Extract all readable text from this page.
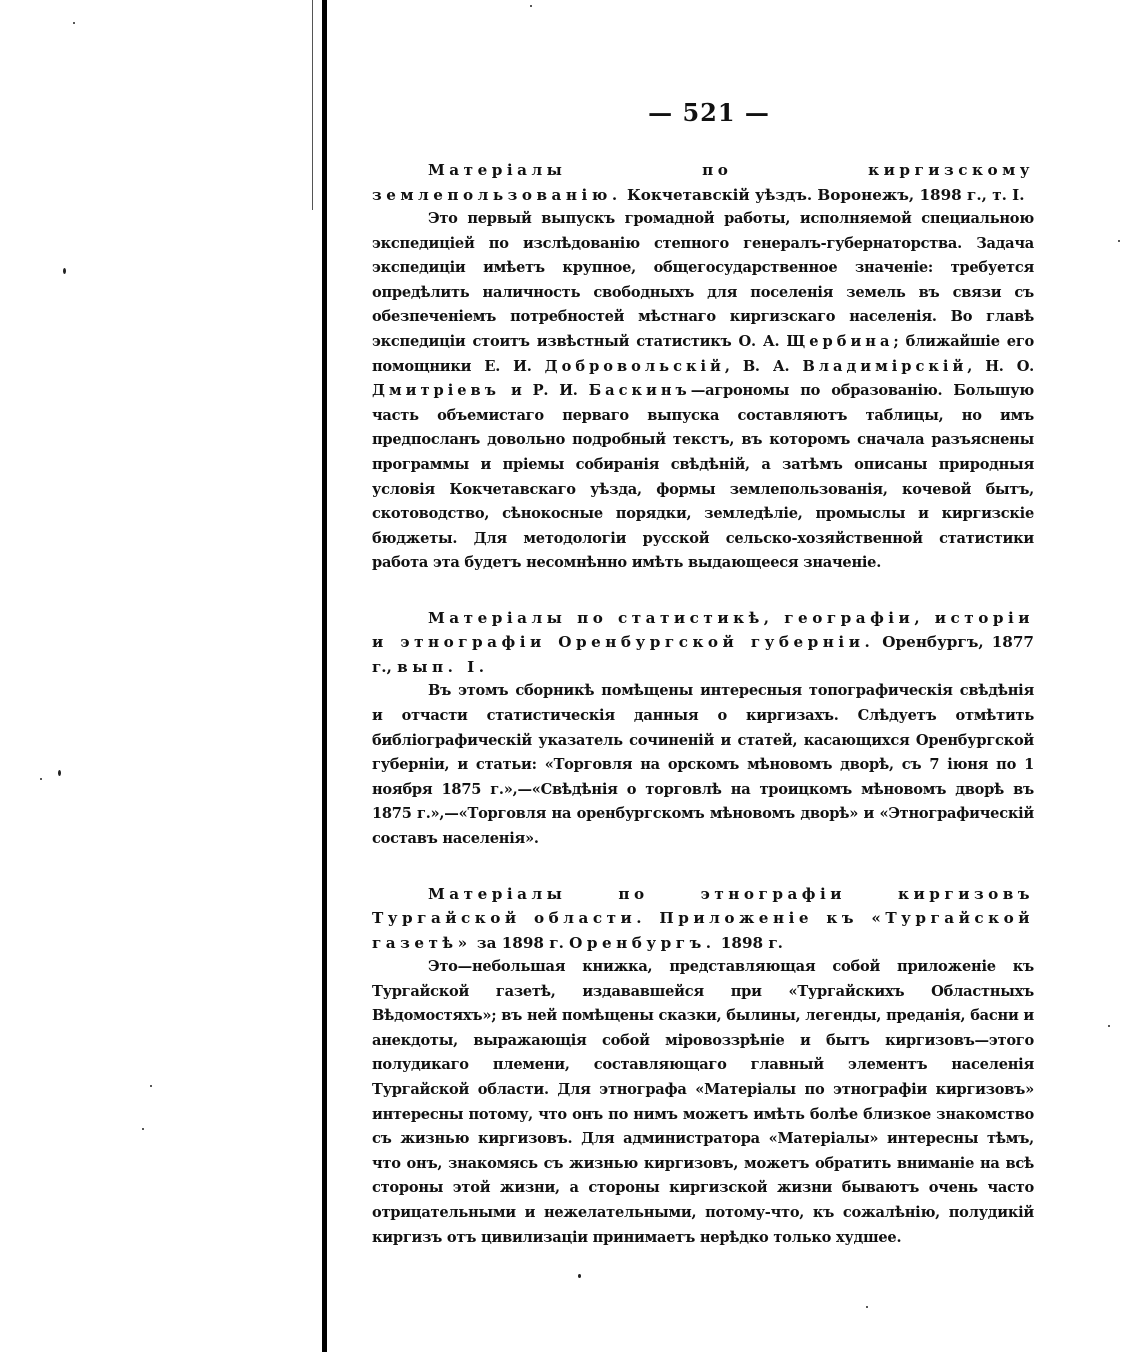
— 521 —

Матеріалы по киргизскому землепользованію. Кокчетавскій уѣздъ. Воронежъ, 1898 г., т. I.

Это первый выпускъ громадной работы, исполняемой специальною экспедиціей по изслѣдованію степного генералъ-губернаторства. Задача экспедиціи имѣетъ крупное, общегосударственное значеніе: требуется опредѣлить наличность свободныхъ для поселенія земель въ связи съ обезпеченіемъ потребностей мѣстнаго киргизскаго населенія. Во главѣ экспедиціи стоитъ извѣстный статистикъ О. А. Щербина; ближайшіе его помощники Е. И. Добровольскій, В. А. Владимірскій, Н. О. Дмитріевъ и Р. И. Баскинъ—агрономы по образованію. Большую часть объемистаго перваго выпуска составляютъ таблицы, но имъ предпосланъ довольно подробный текстъ, въ которомъ сначала разъяснены программы и пріемы собиранія свѣдѣній, а затѣмъ описаны природныя условія Кокчетавскаго уѣзда, формы землепользованія, кочевой бытъ, скотоводство, сѣнокосные порядки, земледѣліе, промыслы и киргизскіе бюджеты. Для методологіи русской сельско-хозяйственной статистики работа эта будетъ несомнѣнно имѣть выдающееся значеніе.

Матеріалы по статистикѣ, географіи, исторіи и этнографіи Оренбургской губерніи. Оренбургъ, 1877 г., вып. I.

Въ этомъ сборникѣ помѣщены интересныя топографическія свѣдѣнія и отчасти статистическія данныя о киргизахъ. Слѣдуетъ отмѣтить библіографическій указатель сочиненій и статей, касающихся Оренбургской губерніи, и статьи: «Торговля на орскомъ мѣновомъ дворѣ, съ 7 іюня по 1 ноября 1875 г.»,—«Свѣдѣнія о торговлѣ на троицкомъ мѣновомъ дворѣ въ 1875 г.»,—«Торговля на оренбургскомъ мѣновомъ дворѣ» и «Этнографическій составъ населенія».

Матеріалы по этнографіи киргизовъ Тургайской области. Приложеніе къ «Тургайской газетѣ» за 1898 г. Оренбургъ. 1898 г.

Это—небольшая книжка, представляющая собой приложеніе къ Тургайской газетѣ, издававшейся при «Тургайскихъ Областныхъ Вѣдомостяхъ»; въ ней помѣщены сказки, былины, легенды, преданія, басни и анекдоты, выражающія собой міровоззрѣніе и бытъ киргизовъ—этого полудикаго племени, составляющаго главный элементъ населенія Тургайской области. Для этнографа «Матеріалы по этнографіи киргизовъ» интересны потому, что онъ по нимъ можетъ имѣть болѣе близкое знакомство съ жизнью киргизовъ. Для администратора «Матеріалы» интересны тѣмъ, что онъ, знакомясь съ жизнью киргизовъ, можетъ обратить вниманіе на всѣ стороны этой жизни, а стороны киргизской жизни бываютъ очень часто отрицательными и нежелательными, потому-что, къ сожалѣнію, полудикій киргизъ отъ цивилизаціи принимаетъ нерѣдко только худшее.
